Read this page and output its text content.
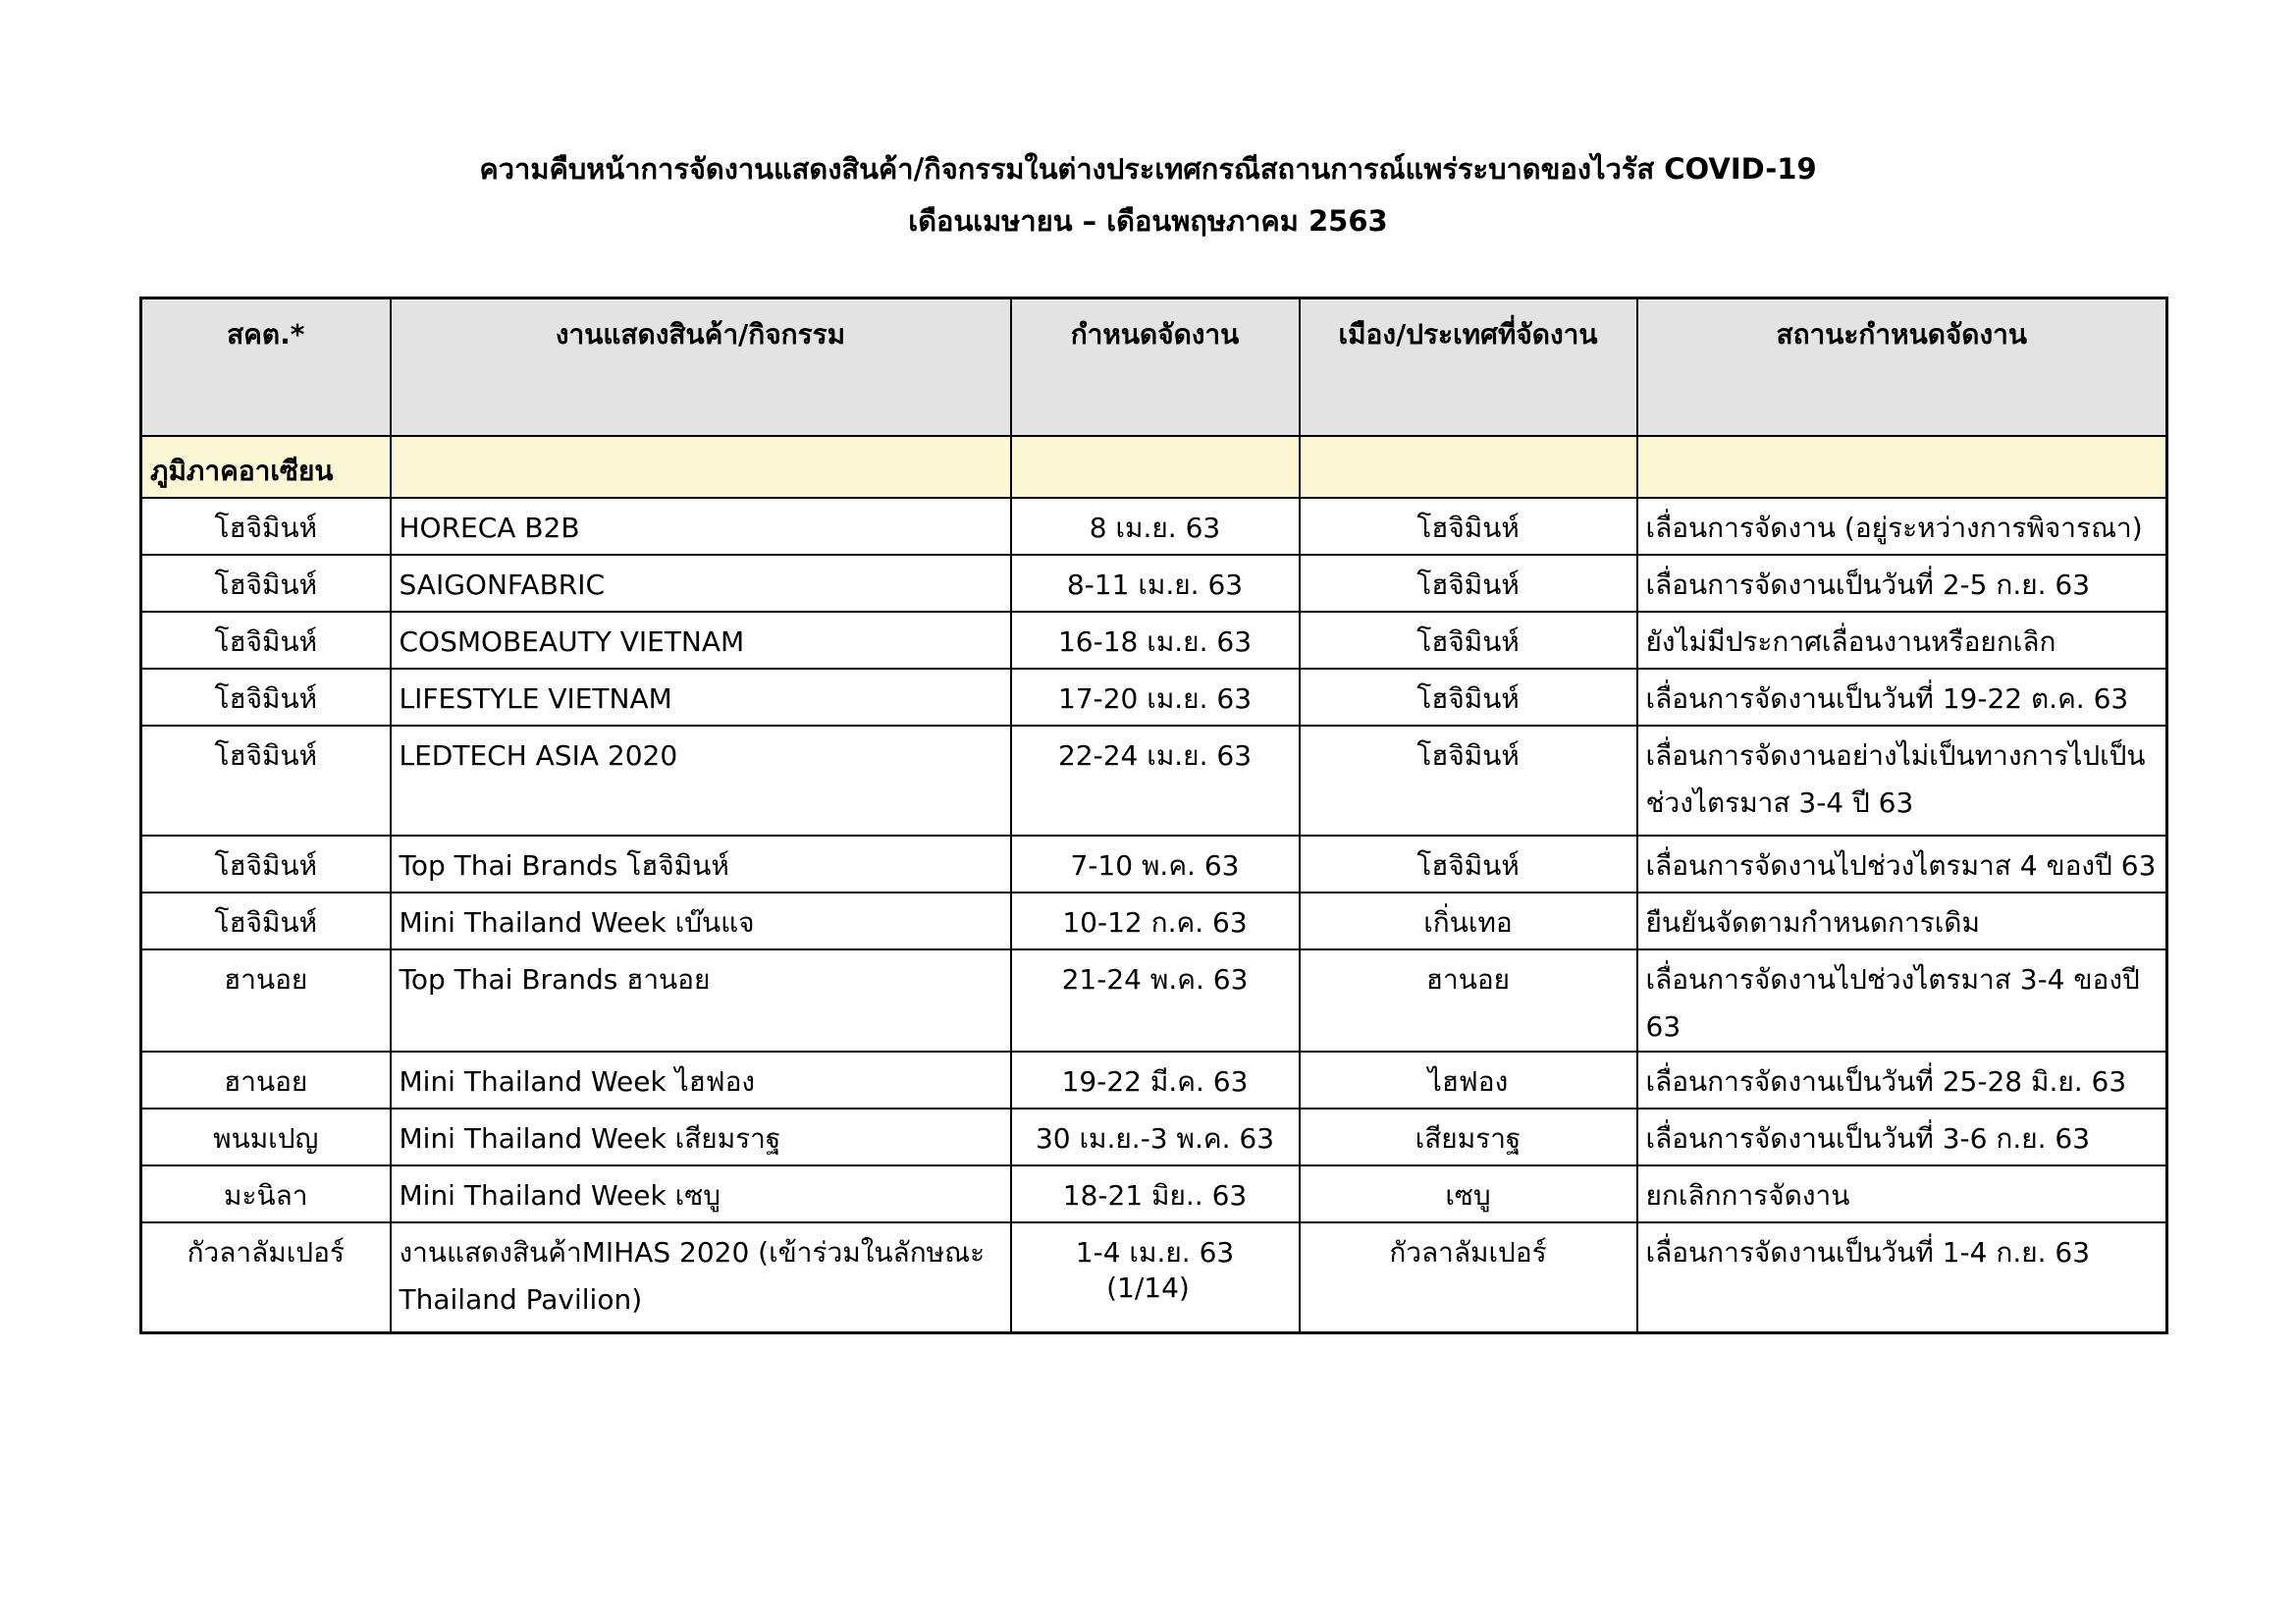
ความคืบหน้าการจัดงานแสดงสินค้า/กิจกรรมในต่างประเทศกรณีสถานการณ์แพร่ระบาดของไวรัส COVID-19
เดือนเมษายน – เดือนพฤษภาคม 2563
สคต.*	งานแสดงสินค้า/กิจกรรม	กำหนดจัดงาน	เมือง/ประเทศที่จัดงาน	สถานะกำหนดจัดงาน
ภูมิภาคอาเซียน				
โฮจิมินห์	HORECA B2B	8 เม.ย. 63	โฮจิมินห์	เลื่อนการจัดงาน (อยู่ระหว่างการพิจารณา)
โฮจิมินห์	SAIGONFABRIC	8-11 เม.ย. 63	โฮจิมินห์	เลื่อนการจัดงานเป็นวันที่ 2-5 ก.ย. 63
โฮจิมินห์	COSMOBEAUTY VIETNAM	16-18 เม.ย. 63	โฮจิมินห์	ยังไม่มีประกาศเลื่อนงานหรือยกเลิก
โฮจิมินห์	LIFESTYLE VIETNAM	17-20 เม.ย. 63	โฮจิมินห์	เลื่อนการจัดงานเป็นวันที่ 19-22 ต.ค. 63
โฮจิมินห์	LEDTECH ASIA 2020	22-24 เม.ย. 63	โฮจิมินห์	เลื่อนการจัดงานอย่างไม่เป็นทางการไปเป็นช่วงไตรมาส 3-4 ปี 63
โฮจิมินห์	Top Thai Brands โฮจิมินห์	7-10 พ.ค. 63	โฮจิมินห์	เลื่อนการจัดงานไปช่วงไตรมาส 4 ของปี 63
โฮจิมินห์	Mini Thailand Week เบ๊นแจ	10-12 ก.ค. 63	เกิ่นเทอ	ยืนยันจัดตามกำหนดการเดิม
ฮานอย	Top Thai Brands ฮานอย	21-24 พ.ค. 63	ฮานอย	เลื่อนการจัดงานไปช่วงไตรมาส 3-4 ของปี 63
ฮานอย	Mini Thailand Week ไฮฟอง	19-22 มี.ค. 63	ไฮฟอง	เลื่อนการจัดงานเป็นวันที่ 25-28 มิ.ย. 63
พนมเปญ	Mini Thailand Week เสียมราฐ	30 เม.ย.-3 พ.ค. 63	เสียมราฐ	เลื่อนการจัดงานเป็นวันที่ 3-6 ก.ย. 63
มะนิลา	Mini Thailand Week เซบู	18-21 มิย.. 63	เซบู	ยกเลิกการจัดงาน
กัวลาลัมเปอร์	งานแสดงสินค้าMIHAS 2020 (เข้าร่วมในลักษณะ Thailand Pavilion)	1-4 เม.ย. 63	กัวลาลัมเปอร์	เลื่อนการจัดงานเป็นวันที่ 1-4 ก.ย. 63
(1/14)
